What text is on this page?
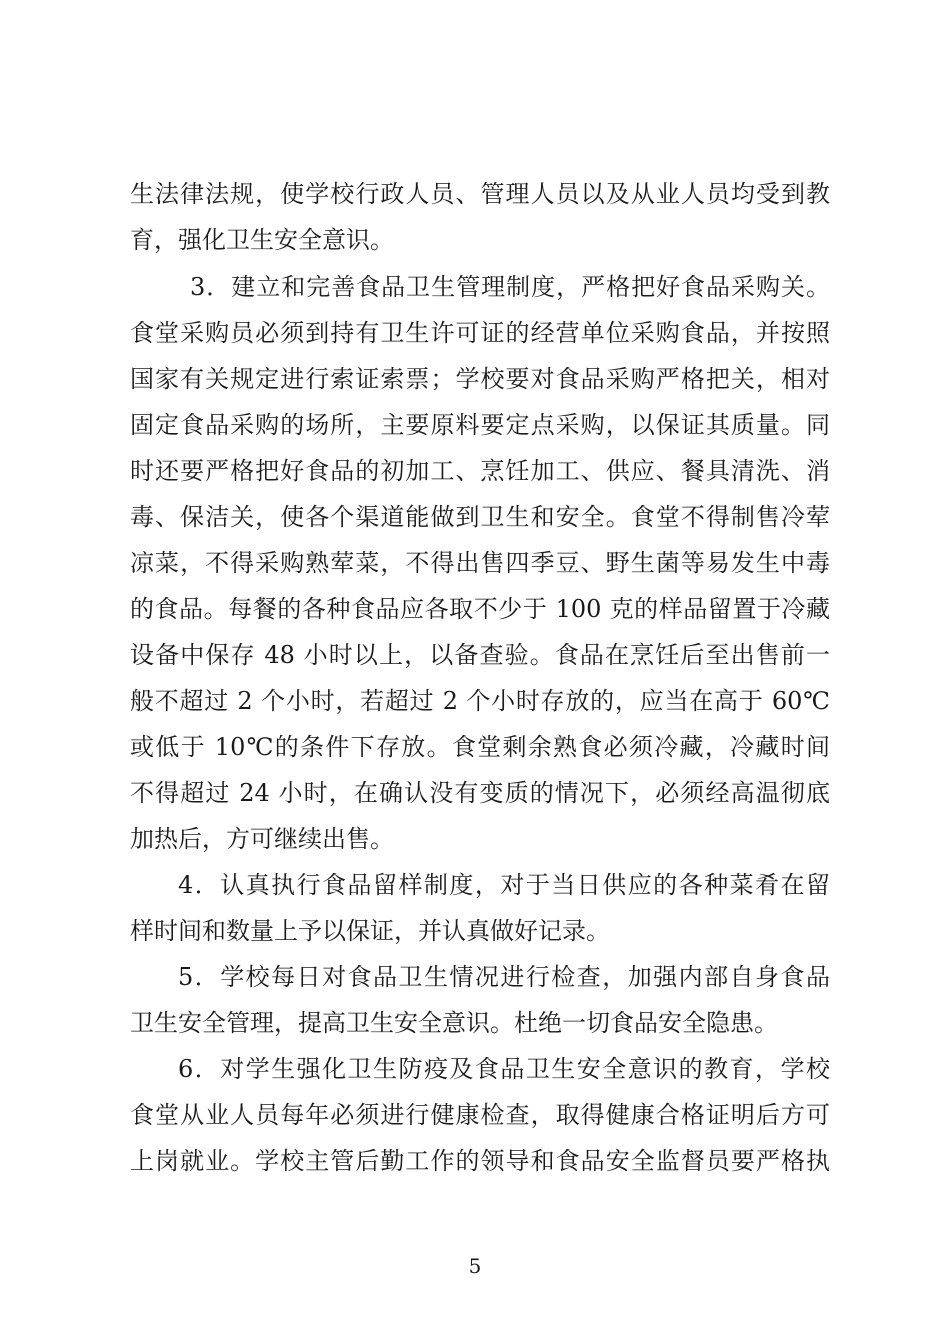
生法律法规，使学校行政人员、管理人员以及从业人员均受到教
育，强化卫生安全意识。
3．建立和完善食品卫生管理制度，严格把好食品采购关。
食堂采购员必须到持有卫生许可证的经营单位采购食品，并按照
国家有关规定进行索证索票；学校要对食品采购严格把关，相对
固定食品采购的场所，主要原料要定点采购，以保证其质量。同
时还要严格把好食品的初加工、烹饪加工、供应、餐具清洗、消
毒、保洁关，使各个渠道能做到卫生和安全。食堂不得制售冷荤
凉菜，不得采购熟荤菜，不得出售四季豆、野生菌等易发生中毒
的食品。每餐的各种食品应各取不少于 100 克的样品留置于冷藏
设备中保存 48 小时以上，以备查验。食品在烹饪后至出售前一
般不超过 2 个小时，若超过 2 个小时存放的，应当在高于 60℃
或低于 10℃的条件下存放。食堂剩余熟食必须冷藏，冷藏时间
不得超过 24 小时，在确认没有变质的情况下，必须经高温彻底
加热后，方可继续出售。
4．认真执行食品留样制度，对于当日供应的各种菜肴在留
样时间和数量上予以保证，并认真做好记录。
5．学校每日对食品卫生情况进行检查，加强内部自身食品
卫生安全管理，提高卫生安全意识。杜绝一切食品安全隐患。
6．对学生强化卫生防疫及食品卫生安全意识的教育，学校
食堂从业人员每年必须进行健康检查，取得健康合格证明后方可
上岗就业。学校主管后勤工作的领导和食品安全监督员要严格执
5
